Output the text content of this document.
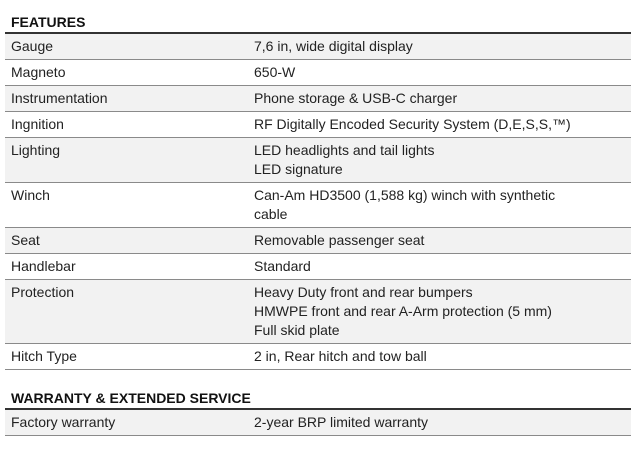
FEATURES
Gauge	7,6 in, wide digital display
Magneto	650-W
Instrumentation	Phone storage & USB-C charger
Ingnition	RF Digitally Encoded Security System (D,E,S,S,™)
Lighting	LED headlights and tail lights
LED signature
Winch	Can-Am HD3500 (1,588 kg) winch with synthetic
cable
Seat	Removable passenger seat
Handlebar	Standard
Protection	Heavy Duty front and rear bumpers
HMWPE front and rear A-Arm protection (5 mm)
Full skid plate
Hitch Type	2 in, Rear hitch and tow ball
WARRANTY & EXTENDED SERVICE
Factory warranty	2-year BRP limited warranty
